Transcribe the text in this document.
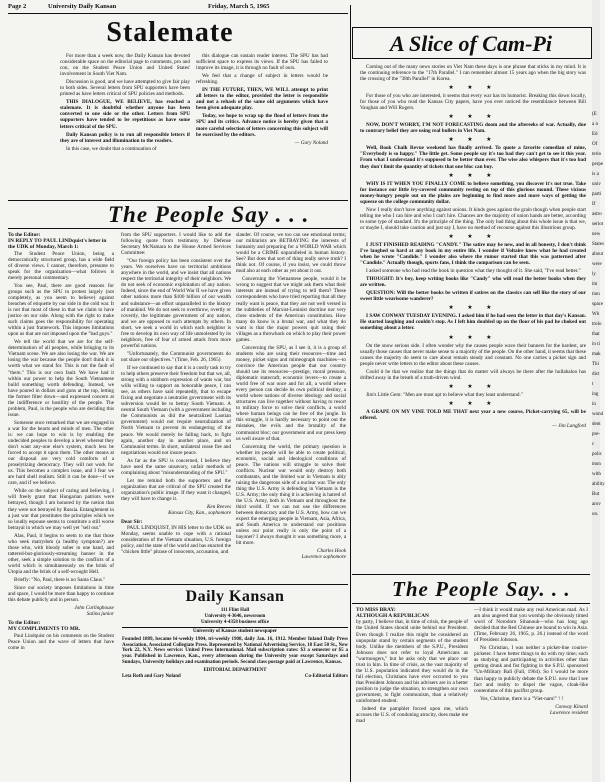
Page 2	University Daily Kansan	Friday, March 5, 1965
Stalemate

For more than a week now, the Daily Kansan has devoted considerable space on the editorial page to comments, pro and con, on the Student Peace Union and United States' involvement in South Viet Nam.

Discussion is good, and we have attempted to give fair play to both sides. Several letters from SPU supporters have been printed as have letters critical of SPU policies and methods.

THIS DIALOGUE, WE BELIEVE, has reached a stalemate. It is doubtful whether anyone has been converted to one side or the other. Letters from SPU supporters have tended to be repetitious as have some letters critical of the SPU.

Daily Kansan policy is to run all responsible letters if they are of interest and illumination to the readers.

In this case, we doubt that a continuation of

this dialogue can sustain reader interest. The SPU has had sufficient space to express its views. If the SPU has failed to improve its image, it is through no fault of ours.

We feel that a change of subject in letters would be refreshing.

IN THE FUTURE, THEN, WE WILL attempt to print all letters to the editor, provided the letter is responsible and not a rehash of the same old arguments which have been given adequate play.

Today, we hope to wrap up the flood of letters from the SPU and its critics. Advance notice is hereby given that a more careful selection of letters concerning this subject will be exercised by the editors.

— Gary Noland

The People Say . . .

To the Editor:

IN REPLY TO PAUL LINDquist's letter in the UDK of Monday, March 1:

The Student Peace Union, being a democratically structured group, has a wide field of diverse views. I cannot, therefore, presume to speak for the organization—what follows is merely personal commentary.

You see, Paul, there are good reasons for groups such as the SPU to protest largely (not completely, as you seem to believe) against breaches of etiquette by our side in the cold war. It is not that most of these in that we claim to have justice on our side. Along with the right to make such claims goes the responsibility for operating within a just framework. This imposes limitations upon us that are not imposed upon the "bad guys."

We tell the world that we are for the self-determination of all peoples, while bringing to its Vietnam scene. We are also losing the war. We are losing the war because the people don't think it is worth what we stand for. This is not the fault of "them." This is our own fault. We have had it within our power to help the South Vietnamese build something worth defending. Instead, we have poured in dollars and guns at the top, letting the former filter down—and expressed concern at the indifference or hostility of the people. The problem, Paul, is the people who are deciding this issue.

Someone once remarked that we are engaged in a war for the hearts and minds of men. The other is: we can hope to win is by enabling the undecided peoples to develop a level whereat they don't want any-one else's system, much less be forced to accept it upon them. The other means at our disposal are very cold comforts of a proselytizing democracy. They will not work for us. This becomes a complex issue, and I fear we are hard shell realism. Still it can be done—if we care, and if we believe.

While on the subject of caring and believing, I will freely grant that Hungarian patriots were betrayed, though I am honored by the notion that they were not betrayed by Russia. Entanglement in a just war that prostitutes the principles which we so loudly espouse seems to constitute a still worse betrayal in which we may well yet "sell out."

Alas, Paul, it begins to seem to me that those who seek matrydom (a healthy symptom?) are those who, with bloody sober in one hand, and tattered-but-gloriously-streaming banner in the other, seek a simple solution to the conflicts of a world which is simultaneously on the brink of Utopia and the brink of a self-wrought Hell.

Briefly: "No, Paul, there is no Santa Claus."

Since our society imposes limitations in time and space, I would be more than happy to continue this debate publicly and in person.

John Carlinghouse

Salina junior

To the Editor:

MY COMPLIMENTS TO MR.

Paul Lindquist on his comments on the Student Peace Union and the wave of letters that have come in

from the SPU supporters. I would like to add the following quote from testimony by Defense Secretary McNamara to the House Armed Services Committee:

"Our foreign policy has been consistent over the years. We ourselves have no territorial ambitions anywhere in the world, and we insist that all nations respect the territorial integrity of their neighbors. We do not seek of economic exploitation of any nation. Indeed, since the end of World War II we have given other nations more than $100 billion of our wealth and substance—an effort unparalleled in the history of mankind. We do not seek to overthrow, overtly or covertly, the legitimate government of any nation, and we are opposed to such attempts by others. In short, we seek a world in which each neighbor is free to develop its own way of life unmolested by its neighbors, free of fear of armed attack from more powerful nations.

"Unfortunately, the Communist governments do not share our objectives." (Time, Feb. 26, 1965)

If we continued to say that it is a costly task to try to help others preserve their freedom but that we, all, strong with a stubborn expression of wants war, but wills willing to support an honorable peace, I can see, as others have said repeatedly, that to escape fixing and negotiate a neutralist government with its subversion would be to betray South Vietnam. A neutral South Vietnam (with a government including the Communists as did the neutralized Laotian government) would not require neutralization of North Vietnam to prevent its endangering of the peace. We would merely be falling back, to fight again, another day in another place, and on Communist terms. In short, unilateral cease fire and negotiations would not insure peace.

As far as the SPU is concerned, I believe they have used the same unsavory, unfair methods of complaining about "misunderstanding of the SPU."

Let me remind both the supporters and the organization that are critical of the SPU created the organization's public image. If they want it changed, they will have to change it.

Ken Reeves

Kansas City, Kan., sophomore

Dear Sir:

PAUL LINDQUIST, IN HIS letter to the UDK on Monday, seems unable to cope with a rational consideration of the Vietnam situation, U.S. foreign policy, and the state of the world and has enacted the "chicken little" phrase of innocents, accusation, and

slander. Of course, we too can use emotional terms; our militarists are BETRAYING the interests of humanity and preparing for a WORLD WAR which would be a CRIME unparalleled in human history. See? But does that sort of thing really serve truth? I think not. Of course, if you insist, we could throw mud also at each other as yet about it out.

Concerning the Vietnamese people, would it be wrong to suggest that we might ask them what their interests are instead of trying to tell them? These correspondents who have tried reporting that all they really want is peace, that they are not well versed in the subtleties of Marxist-Leninist doctrine nor very close students of the American constitution. How many do know is a brutal war, and what they do want is that the major powers quit using their villages as a throwback on which to play their power games.

Concerning the SPU, as I see it, it is a group of students who are using their resources—time and money, picket signs and mimeograph machines—to convince the American people that our country should use its resources—prestige, moral pressure, diplomatic statecraft, economic levers—to create a world free of war once and for all, a world where every person can decide its own political destiny, a world where nations of diverse ideology and social structures can live together without having to resort to military force to solve their conflicts, a world where human beings can be free of the jungle. In this struggle, it is hardly necessary to point out the mistakes, the evils and the brutality of the communist bloc; our government and our press keep us well aware of that.

Concerning the world, the primary question is whether its people will be able to create political, economic, social and ideological conditions of peace. The nations will struggle to solve their conflicts. Nuclear war would only destroy both combatants, and the limited war in Vietnam is ably raising the dangerous side of a nuclear war. The only thing the U.S. Army is defending in Vietnam is the U.S. Army; the only thing it is achieving is hatred of the U.S. Army, both in Vietnam and throughout the third world. If we can not use the differences between democracy and the U.S. Army, how can we expect the emerging people in Vietnam, Asia, Africa, and South America to understand our positions unless our point really is only the point of a bayonet? I always thought it was something more, a bit more.

Charles Hook

Lawrence sophomore

Daily Kansan

111 Flint Hall

University 4-3646, newsroom

University 4-4358 business office

University of Kansas student newspaper

Founded 1889, became bi-weekly 1904, tri-weekly 1908, daily Jan. 16, 1912. Member Inland Daily Press Association, Associated Collegiate Press. Represented by National Advertising Service, 18 East 50 St., New York 22, N.Y. News service: United Press International. Mail subscription rates: $3 a semester or $5 a year. Published in Lawrence, Kan., every afternoon during the University year except Saturdays and Sundays, University holidays and examination periods. Second class postage paid at Lawrence, Kansas.

EDITORIAL DEPARTMENT

Leta Roth and Gary Noland	Co-Editorial Editors

A Slice of Cam-Pi

Coming out of the many news stories on Viet Nam these days is one phrase that sticks in my mind. It is the continuing reference to the "17th Parallel." I can remember almost 15 years ago when the big story was the crossing of the "38th Parallel" in Korea.

★ ★ ★

For those of you who are interested, it seems that every war has its humorist. Breaking this down locally, for those of you who read the Kansas City papers, have you ever noticed the resemblance between Bill Vaughan and Will Rogers.

★ ★ ★

NOW, DON'T WORRY, I'M NOT FORECASTING doom and the aftereeks of war. Actually, due to contrary belief they are using real bullets in Viet Nam.

★ ★ ★

Well, Book Chalk Revue weekend has finally arrived. To quote a favorite comedian of mine, "Everybody is so happy." The little get. Some people say it's too bad they can't get to see it this year. From what I understand it's supposed to be better than ever. The wise also whispers that it's too bad they don't limit the quantity of tickets that one bloc can buy.

★ ★ ★

WHY IS IT WHEN YOU FINALLY COME to believe something, you discover it's not true. Take for instance our little ivy-covered community resting on top of this glorious mound. These vicious money-hungry people out on the plains are beginning to find more and more ways of getting the squeeze on the college community dollar.

Now I really don't have anything against unions. It kinds goes against the grain though when people start telling me who I can hire and who I can't hire. Chances are the majority of union hands are better, according to some type of standard. It's the principle of the thing. The only bad thing about this whole issue is that we, or maybe I, should take caution and just say I, have no method of recourse against this illustrious group.

★ ★ ★

I JUST FINISHED READING "CANDY." The satire may be new, and in all honesty, I don't think I've laughed so hard at any book in my entire life. I wonder if Voltaire knew what he had created when he wrote "Candide." I wonder also where the rumor started that this was patterned after "Candide." Actually though, sports fans, I think the comparison can be seen.

I asked someone who had read the book in question what they thought of it. She said, "I've read better."

THOUGHT: It's boy, keep writing books like "Candy" who will read the better books when they are written.

QUESTION: Will the better books be written if satires on the classics can sell like the story of our sweet little wearisome wanderer?

★ ★ ★

I SAW CONWAY TUESDAY EVENING. I asked him if he had seen the letter in that day's Kansan. He started laughing and couldn't stop. As I left him doubled up on the floor of his pad he choked out something about a letter.

★ ★ ★

On the snow serious side. I often wonder why the causes people wave their banners for the hardest, are usually those causes that never make sense to a majority of the people. On the other hand, it seems that these causes the majority do seem to care about remain steady and constant. No one carries a picket sign and people never write letters to the editor about these causes.

Could it be that we realize that the things that do matter will always be there after the hullabaloo has drifted away in the breath of a truth-driven wind.

★ ★ ★

Jim's Little Gem: "Men are most apt to believe what they least understand."

★ ★ ★

A GRAPE ON MY VINE TOLD ME THAT next year a new course, Picket-carrying 65, will be offered.

— Jim Langford

The People Say. . .

TO MISS BRAY:

ALTHOUGH A REPUBLICAN

by party, I believe that, in time of crisis, the people of the United States should unite behind our President. Even though I realize this might be considered an unpopular stand by certain segments of the student body. Unlike the members of the S.P.U., President Johnson does not refer to loyal Americans as "warmongers," but he asks only that we place our trust in him. In time of crisis, as the vast majority of the U.S. population indicated they would do in the fall election, Christians have ever occurred to you that President Johnson and his advisers are in a better position to judge the situation, to strengthen our own government, to fight communism, than a relatively uninformed student.

Indeed the pamphlet forced upon me, which accuses the U.S. of condoning atrocity, does make me mad

—I think it would make any real American mad. As I am also angered that you worship the obviously timed word of Norodom Sihanouk—who has long ago decided that the Red Chinese are bound to win in Asia. (Time, February 26, 1965, p. 26.) instead of the word of President Johnson.

No Christian, I was neither a picket-line courier-picketer. I have better things to do with my time; such as studying and participating in activities other than getting drunk and fist fighting in the S.P.U. sponsored "Un-Military Ball (Fall, 1964). So I would be more than happy to publicly debate the S.P.U. now that I see fact and reality to dispel the vague, cloak-like contentions of this pacifist group.

Yes, Christine, there is a "Viet-nam!" ! !

Conway Kinard

Lawrence resident

(E
a n
Ed
Of
terio
perpe
is a
univ
parti
If
astro
seriot
new
States
about
were
ly im
tion
space
Wh
trolo
that
in ti
mak
Thi
dict t
ing in
wond
dent
pre-c
polic
mon
with
ability
But
arov
on.
